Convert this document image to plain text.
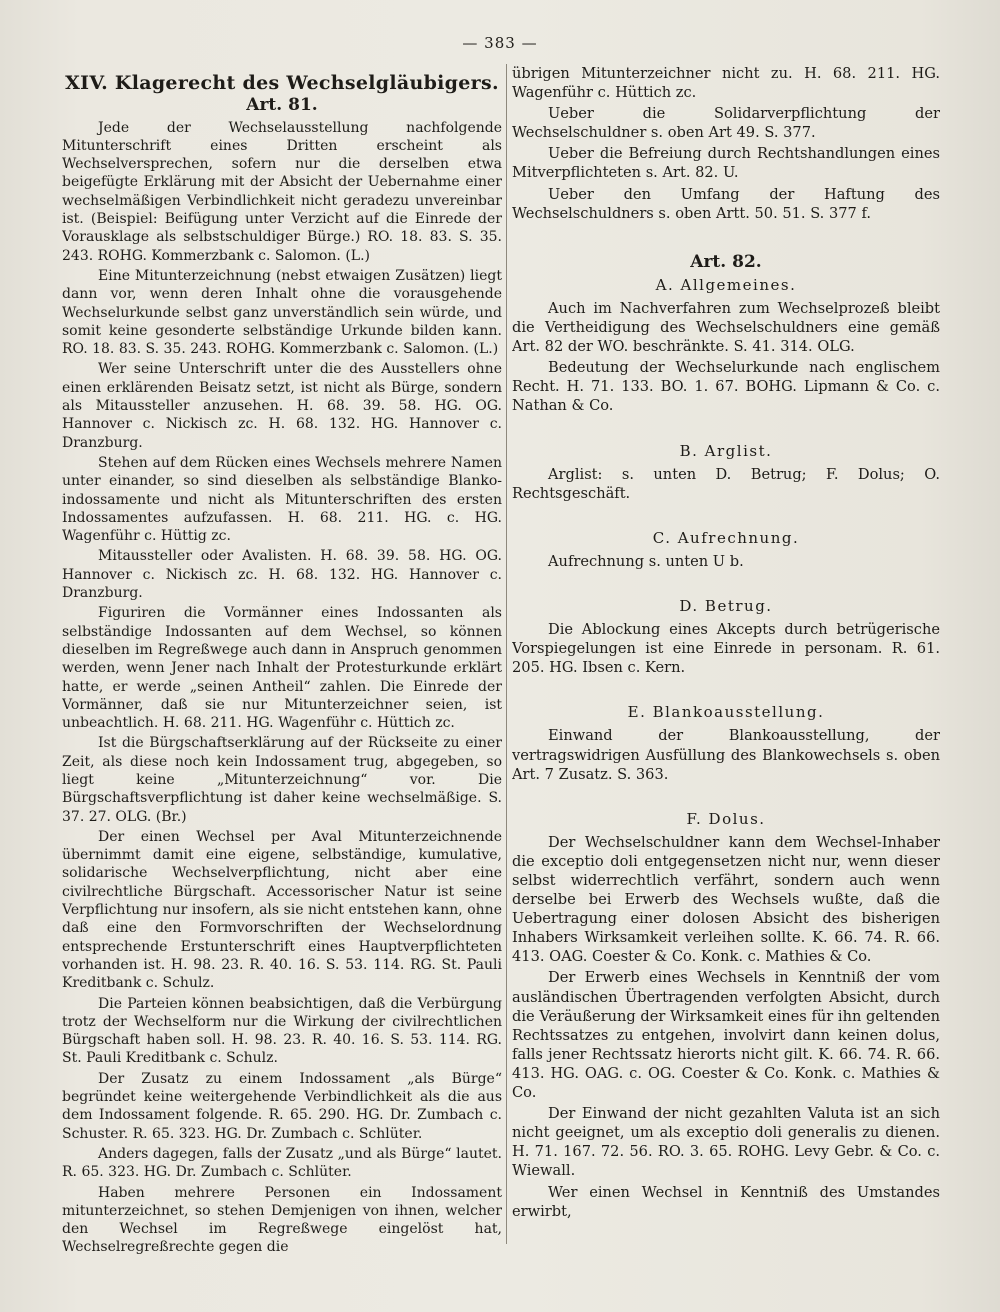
— 383 —
XIV. Klagerecht des Wechselgläubigers.
Art. 81.

Jede der Wechselausstellung nachfolgende Mitunterschrift eines Dritten erscheint als Wechselversprechen, sofern nur die derselben etwa beigefügte Erklärung mit der Absicht der Uebernahme einer wechselmäßigen Verbindlichkeit nicht geradezu unvereinbar ist. (Beispiel: Beifügung unter Verzicht auf die Einrede der Vorausklage als selbstschuldiger Bürge.) RO. 18. 83. S. 35. 243. ROHG. Kommerzbank c. Salomon. (L.)

Eine Mitunterzeichnung (nebst etwaigen Zusätzen) liegt dann vor, wenn deren Inhalt ohne die vorausgehende Wechselurkunde selbst ganz unverständlich sein würde, und somit keine gesonderte selbständige Urkunde bilden kann. RO. 18. 83. S. 35. 243. ROHG. Kommerzbank c. Salomon. (L.)

Wer seine Unterschrift unter die des Ausstellers ohne einen erklärenden Beisatz setzt, ist nicht als Bürge, sondern als Mitaussteller anzusehen. H. 68. 39. 58. HG. OG. Hannover c. Nickisch zc. H. 68. 132. HG. Hannover c. Dranzburg.

Stehen auf dem Rücken eines Wechsels mehrere Namen unter einander, so sind dieselben als selbständige Blanko-indossamente und nicht als Mitunterschriften des ersten Indossamentes aufzufassen. H. 68. 211. HG. c. HG. Wagenführ c. Hüttig zc.

Mitaussteller oder Avalisten. H. 68. 39. 58. HG. OG. Hannover c. Nickisch zc. H. 68. 132. HG. Hannover c. Dranzburg.

Figuriren die Vormänner eines Indossanten als selbständige Indossanten auf dem Wechsel, so können dieselben im Regreßwege auch dann in Anspruch genommen werden, wenn Jener nach Inhalt der Protesturkunde erklärt hatte, er werde „seinen Antheil“ zahlen. Die Einrede der Vormänner, daß sie nur Mitunterzeichner seien, ist unbeachtlich. H. 68. 211. HG. Wagenführ c. Hüttich zc.

Ist die Bürgschaftserklärung auf der Rückseite zu einer Zeit, als diese noch kein Indossament trug, abgegeben, so liegt keine „Mitunterzeichnung“ vor. Die Bürgschaftsverpflichtung ist daher keine wechselmäßige. S. 37. 27. OLG. (Br.)

Der einen Wechsel per Aval Mitunterzeichnende übernimmt damit eine eigene, selbständige, kumulative, solidarische Wechselverpflichtung, nicht aber eine civilrechtliche Bürgschaft. Accessorischer Natur ist seine Verpflichtung nur insofern, als sie nicht entstehen kann, ohne daß eine den Formvorschriften der Wechselordnung entsprechende Erstunterschrift eines Hauptverpflichteten vorhanden ist. H. 98. 23. R. 40. 16. S. 53. 114. RG. St. Pauli Kreditbank c. Schulz.

Die Parteien können beabsichtigen, daß die Verbürgung trotz der Wechselform nur die Wirkung der civilrechtlichen Bürgschaft haben soll. H. 98. 23. R. 40. 16. S. 53. 114. RG. St. Pauli Kreditbank c. Schulz.

Der Zusatz zu einem Indossament „als Bürge“ begründet keine weitergehende Verbindlichkeit als die aus dem Indossament folgende. R. 65. 290. HG. Dr. Zumbach c. Schuster. R. 65. 323. HG. Dr. Zumbach c. Schlüter.

Anders dagegen, falls der Zusatz „und als Bürge“ lautet. R. 65. 323. HG. Dr. Zumbach c. Schlüter.

Haben mehrere Personen ein Indossament mitunterzeichnet, so stehen Demjenigen von ihnen, welcher den Wechsel im Regreßwege eingelöst hat, Wechselregreßrechte gegen die

übrigen Mitunterzeichner nicht zu. H. 68. 211. HG. Wagenführ c. Hüttich zc.

Ueber die Solidarverpflichtung der Wechselschuldner s. oben Art 49. S. 377.

Ueber die Befreiung durch Rechtshandlungen eines Mitverpflichteten s. Art. 82. U.

Ueber den Umfang der Haftung des Wechselschuldners s. oben Artt. 50. 51. S. 377 f.

Art. 82.
A. Allgemeines.

Auch im Nachverfahren zum Wechselprozeß bleibt die Vertheidigung des Wechselschuldners eine gemäß Art. 82 der WO. beschränkte. S. 41. 314. OLG.

Bedeutung der Wechselurkunde nach englischem Recht. H. 71. 133. BO. 1. 67. BOHG. Lipmann & Co. c. Nathan & Co.

B. Arglist.

Arglist: s. unten D. Betrug; F. Dolus; O. Rechtsgeschäft.

C. Aufrechnung.

Aufrechnung s. unten U b.

D. Betrug.

Die Ablockung eines Akcepts durch betrügerische Vorspiegelungen ist eine Einrede in personam. R. 61. 205. HG. Ibsen c. Kern.

E. Blankoausstellung.

Einwand der Blankoausstellung, der vertragswidrigen Ausfüllung des Blankowechsels s. oben Art. 7 Zusatz. S. 363.

F. Dolus.

Der Wechselschuldner kann dem Wechsel-Inhaber die exceptio doli entgegensetzen nicht nur, wenn dieser selbst widerrechtlich verfährt, sondern auch wenn derselbe bei Erwerb des Wechsels wußte, daß die Uebertragung einer dolosen Absicht des bisherigen Inhabers Wirksamkeit verleihen sollte. K. 66. 74. R. 66. 413. OAG. Coester & Co. Konk. c. Mathies & Co.

Der Erwerb eines Wechsels in Kenntniß der vom ausländischen Übertragenden verfolgten Absicht, durch die Veräußerung der Wirksamkeit eines für ihn geltenden Rechtssatzes zu entgehen, involvirt dann keinen dolus, falls jener Rechtssatz hierorts nicht gilt. K. 66. 74. R. 66. 413. HG. OAG. c. OG. Coester & Co. Konk. c. Mathies & Co.

Der Einwand der nicht gezahlten Valuta ist an sich nicht geeignet, um als exceptio doli generalis zu dienen. H. 71. 167. 72. 56. RO. 3. 65. ROHG. Levy Gebr. & Co. c. Wiewall.

Wer einen Wechsel in Kenntniß des Umstandes erwirbt,
